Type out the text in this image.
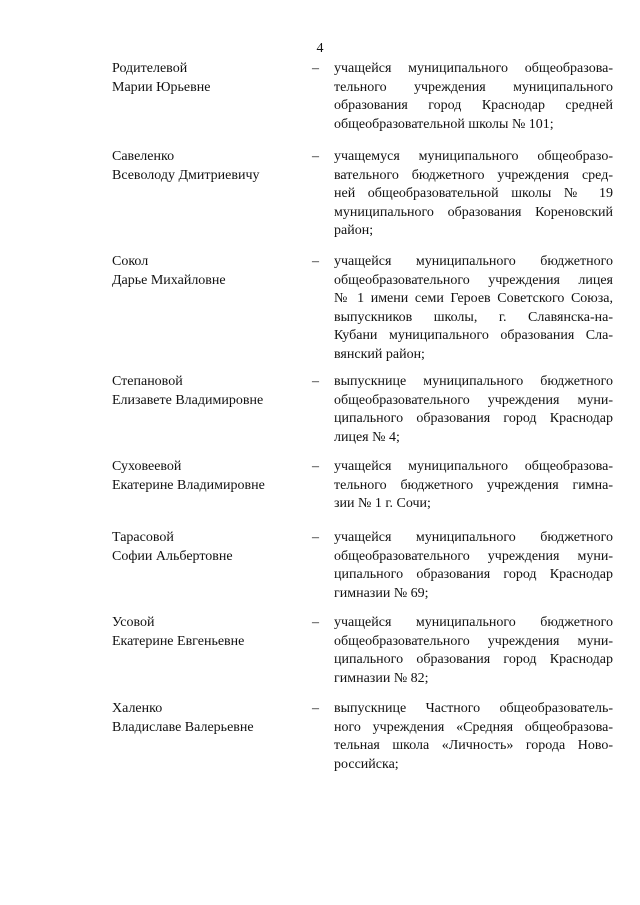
4
Родителевой
Марии Юрьевне
– учащейся муниципального общеобразова-
тельного учреждения муниципального
образования город Краснодар средней
общеобразовательной школы № 101;
Савеленко
Всеволоду Дмитриевичу
– учащемуся муниципального общеобразо-
вательного бюджетного учреждения сред-
ней общеобразовательной школы № 19
муниципального образования Кореновский
район;
Сокол
Дарье Михайловне
– учащейся муниципального бюджетного
общеобразовательного учреждения лицея
№ 1 имени семи Героев Советского Союза,
выпускников школы, г. Славянска-на-
Кубани муниципального образования Сла-
вянский район;
Степановой
Елизавете Владимировне
– выпускнице муниципального бюджетного
общеобразовательного учреждения муни-
ципального образования город Краснодар
лицея № 4;
Суховеевой
Екатерине Владимировне
– учащейся муниципального общеобразова-
тельного бюджетного учреждения гимна-
зии № 1 г. Сочи;
Тарасовой
Софии Альбертовне
– учащейся муниципального бюджетного
общеобразовательного учреждения муни-
ципального образования город Краснодар
гимназии № 69;
Усовой
Екатерине Евгеньевне
– учащейся муниципального бюджетного
общеобразовательного учреждения муни-
ципального образования город Краснодар
гимназии № 82;
Халенко
Владиславе Валерьевне
– выпускнице Частного общеобразователь-
ного учреждения «Средняя общеобразова-
тельная школа «Личность» города Ново-
российска;
